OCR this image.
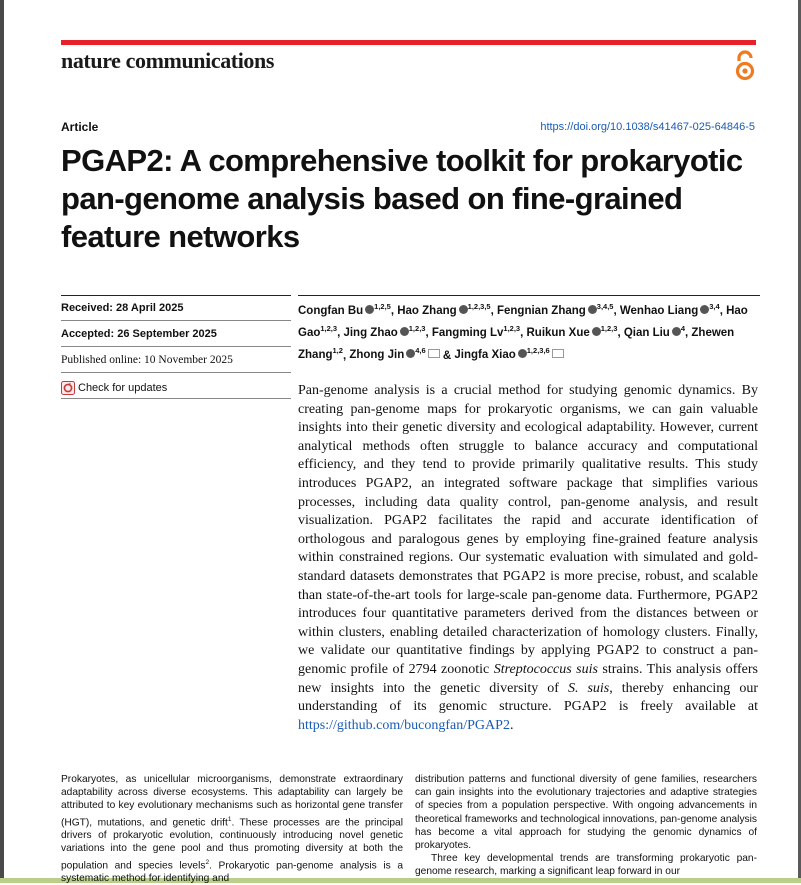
nature communications
Article	https://doi.org/10.1038/s41467-025-64846-5
PGAP2: A comprehensive toolkit for prokaryotic pan-genome analysis based on fine-grained feature networks
Received: 28 April 2025
Accepted: 26 September 2025
Published online: 10 November 2025
Check for updates

Congfan Bu $^{1,2,5}$, Hao Zhang $^{1,2,3,5}$, Fengnian Zhang $^{3,4,5}$, Wenhao Liang $^{3,4}$, Hao Gao$^{1,2,3}$, Jing Zhao $^{1,2,3}$, Fangming Lv$^{1,2,3}$, Ruikun Xue $^{1,2,3}$, Qian Liu $^4$, Zhewen Zhang$^{1,2}$, Zhong Jin $^{4,6}$ & Jingfa Xiao $^{1,2,3,6}$

Pan-genome analysis is a crucial method for studying genomic dynamics. By creating pan-genome maps for prokaryotic organisms, we can gain valuable insights into their genetic diversity and ecological adaptability. However, current analytical methods often struggle to balance accuracy and computational efficiency, and they tend to provide primarily qualitative results. This study introduces PGAP2, an integrated software package that simplifies various processes, including data quality control, pan-genome analysis, and result visualization. PGAP2 facilitates the rapid and accurate identification of orthologous and paralogous genes by employing fine-grained feature analysis within constrained regions. Our systematic evaluation with simulated and gold-standard datasets demonstrates that PGAP2 is more precise, robust, and scalable than state-of-the-art tools for large-scale pan-genome data. Furthermore, PGAP2 introduces four quantitative parameters derived from the distances between or within clusters, enabling detailed characterization of homology clusters. Finally, we validate our quantitative findings by applying PGAP2 to construct a pan-genomic profile of 2794 zoonotic Streptococcus suis strains. This analysis offers new insights into the genetic diversity of S. suis, thereby enhancing our understanding of its genomic structure. PGAP2 is freely available at https://github.com/bucongfan/PGAP2.

Prokaryotes, as unicellular microorganisms, demonstrate extraordinary adaptability across diverse ecosystems. This adaptability can largely be attributed to key evolutionary mechanisms such as horizontal gene transfer (HGT), mutations, and genetic drift$^1$. These processes are the principal drivers of prokaryotic evolution, continuously introducing novel genetic variations into the gene pool and thus promoting diversity at both the population and species levels$^2$. Prokaryotic pan-genome analysis is a systematic method for identifying and

distribution patterns and functional diversity of gene families, researchers can gain insights into the evolutionary trajectories and adaptive strategies of species from a population perspective. With ongoing advancements in theoretical frameworks and technological innovations, pan-genome analysis has become a vital approach for studying the genomic dynamics of prokaryotes.
Three key developmental trends are transforming prokaryotic pan-genome research, marking a significant leap forward in our
